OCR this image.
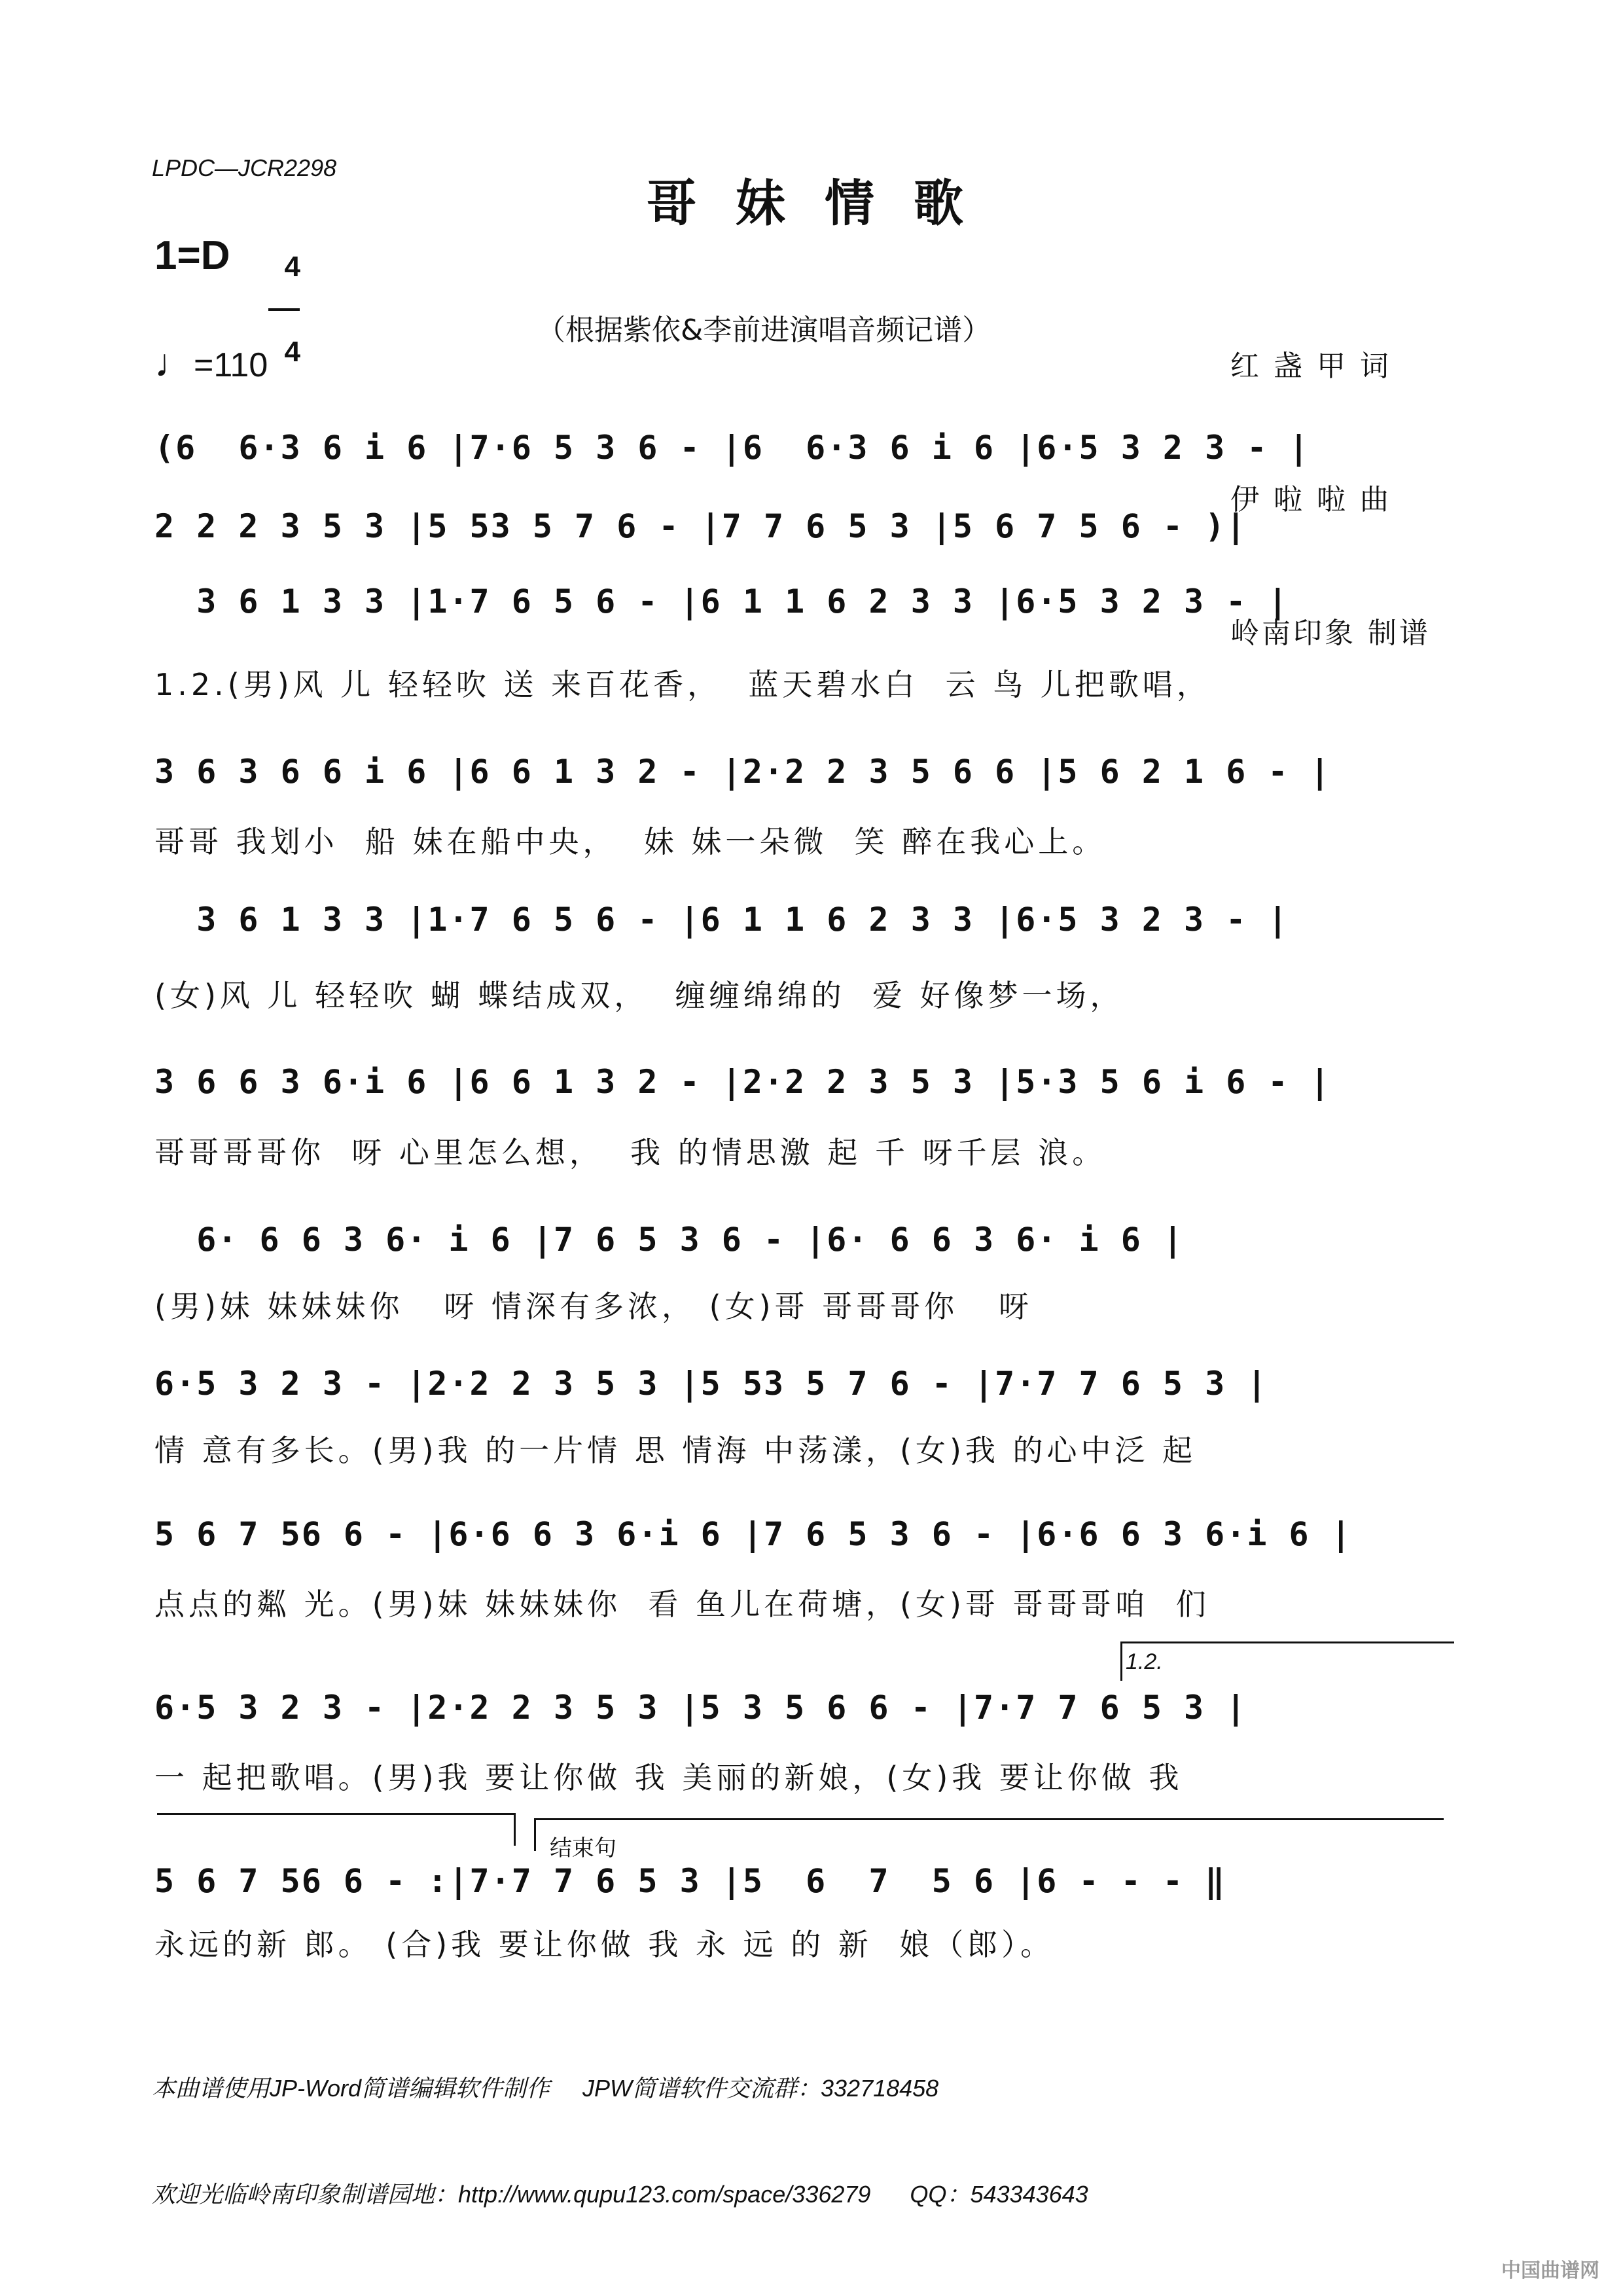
LPDC—JCR2298
哥妹情歌
1=D	4

4

♩=110
（根据紫依&李前进演唱音频记谱）

红 盏 甲 词

伊 啦 啦 曲

岭南印象 制谱

(6  6·3 6 i 6 |7·6 5 3 6 - |6  6·3 6 i 6 |6·5 3 2 3 - |
2 2 2 3 5 3 |5 53 5 7 6 - |7 7 6 5 3 |5 6 7 5 6 - )|
3 6 1 3 3 |1·7 6 5 6 - |6 1 1 6 2 3 3 |6·5 3 2 3 - |
1.2.(男)风 儿 轻轻吹 送 来百花香，  蓝天碧水白  云 鸟 儿把歌唱，
3 6 3 6 6 i 6 |6 6 1 3 2 - |2·2 2 3 5 6 6 |5 6 2 1 6 - |
哥哥 我划小  船 妹在船中央，  妹 妹一朵微  笑 醉在我心上。
3 6 1 3 3 |1·7 6 5 6 - |6 1 1 6 2 3 3 |6·5 3 2 3 - |
(女)风 儿 轻轻吹 蝴 蝶结成双，  缠缠绵绵的  爱 好像梦一场，
3 6 6 3 6·i 6 |6 6 1 3 2 - |2·2 2 3 5 3 |5·3 5 6 i 6 - |
哥哥哥哥你  呀 心里怎么想，  我 的情思激 起 千 呀千层 浪。
6· 6 6 3 6· i 6 |7 6 5 3 6 - |6· 6 6 3 6· i 6 |
(男)妹 妹妹妹你   呀 情深有多浓， (女)哥 哥哥哥你   呀
6·5 3 2 3 - |2·2 2 3 5 3 |5 53 5 7 6 - |7·7 7 6 5 3 |
情 意有多长。(男)我 的一片情 思 情海 中荡漾，(女)我 的心中泛 起
5 6 7 56 6 - |6·6 6 3 6·i 6 |7 6 5 3 6 - |6·6 6 3 6·i 6 |
点点的粼 光。(男)妹 妹妹妹你  看 鱼儿在荷塘，(女)哥 哥哥哥咱  们
1.2.
6·5 3 2 3 - |2·2 2 3 5 3 |5 3 5 6 6 - |7·7 7 6 5 3 |
一 起把歌唱。(男)我 要让你做 我 美丽的新娘，(女)我 要让你做 我
结束句
5 6 7 56 6 - :|7·7 7 6 5 3 |5  6  7  5 6 |6 - - - ‖
永远的新 郎。 (合)我 要让你做 我 永 远 的 新  娘（郎）。

本曲谱使用JP-Word简谱编辑软件制作     JPW简谱软件交流群：332718458

欢迎光临岭南印象制谱园地：http://www.qupu123.com/space/336279      QQ：543343643

中国曲谱网
